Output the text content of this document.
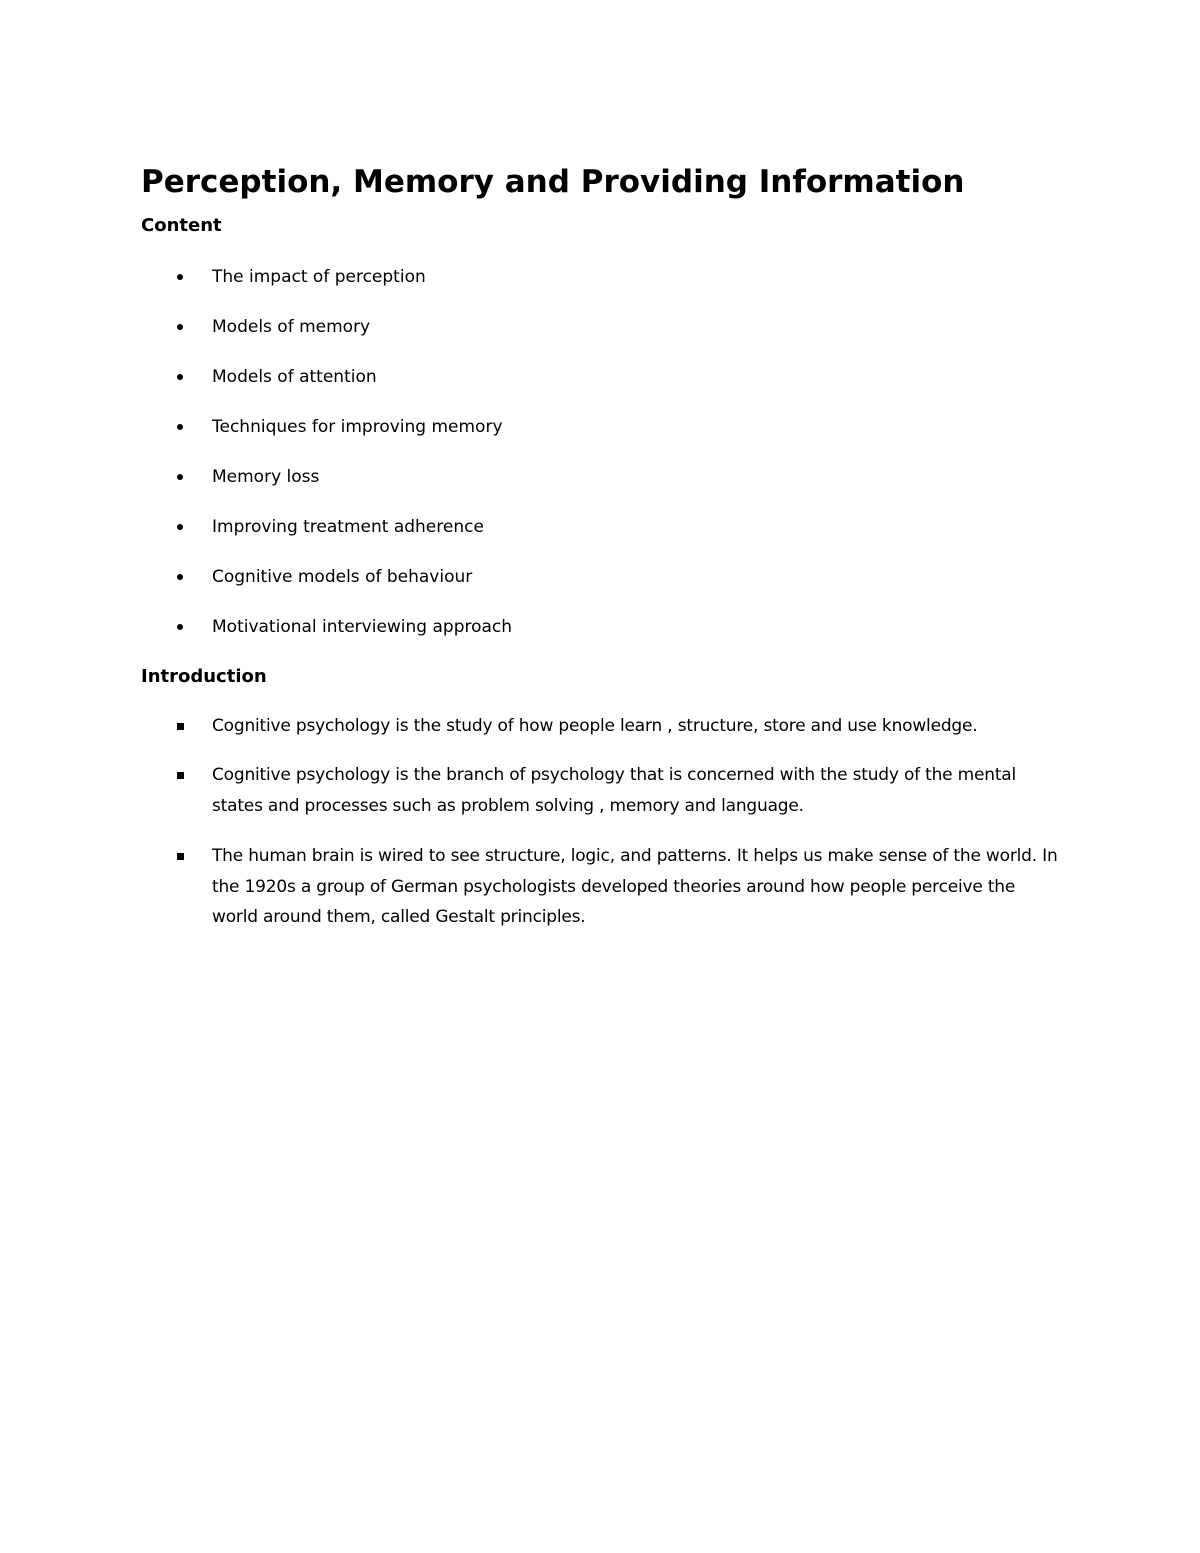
Perception, Memory and Providing Information
Content
The impact of perception
Models of memory
Models of attention
Techniques for improving memory
Memory loss
Improving treatment adherence
Cognitive models of behaviour
Motivational interviewing approach
Introduction
Cognitive psychology is the study of how people learn , structure, store and use knowledge.
Cognitive psychology is the branch of psychology that is concerned with the study of the mental states and processes such as problem solving , memory and language.
The human brain is wired to see structure, logic, and patterns. It helps us make sense of the world. In the 1920s a group of German psychologists developed theories around how people perceive the world around them, called Gestalt principles.
